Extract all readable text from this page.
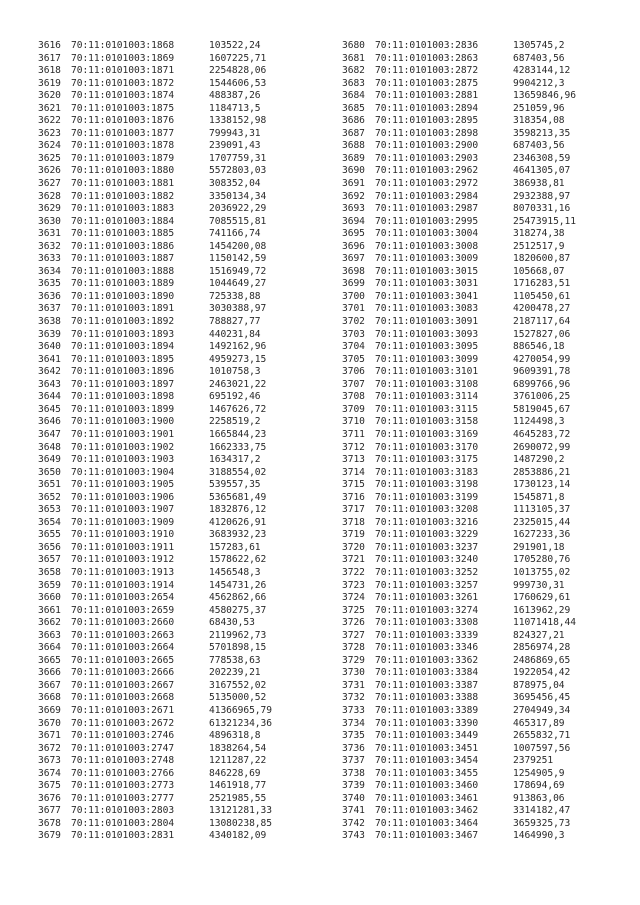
3616 70:11:0101003:1868	103522,24
3617 70:11:0101003:1869	1607225,71
3618 70:11:0101003:1871	2254828,06
3619 70:11:0101003:1872	1544606,53
3620 70:11:0101003:1874	488387,26
3621 70:11:0101003:1875	1184713,5
3622 70:11:0101003:1876	1338152,98
3623 70:11:0101003:1877	799943,31
3624 70:11:0101003:1878	239091,43
3625 70:11:0101003:1879	1707759,31
3626 70:11:0101003:1880	5572803,03
3627 70:11:0101003:1881	308352,04
3628 70:11:0101003:1882	3350134,34
3629 70:11:0101003:1883	2036922,29
3630 70:11:0101003:1884	7085515,81
3631 70:11:0101003:1885	741166,74
3632 70:11:0101003:1886	1454200,08
3633 70:11:0101003:1887	1150142,59
3634 70:11:0101003:1888	1516949,72
3635 70:11:0101003:1889	1044649,27
3636 70:11:0101003:1890	725338,88
3637 70:11:0101003:1891	3030388,97
3638 70:11:0101003:1892	788827,77
3639 70:11:0101003:1893	440231,84
3640 70:11:0101003:1894	1492162,96
3641 70:11:0101003:1895	4959273,15
3642 70:11:0101003:1896	1010758,3
3643 70:11:0101003:1897	2463021,22
3644 70:11:0101003:1898	695192,46
3645 70:11:0101003:1899	1467626,72
3646 70:11:0101003:1900	2258519,2
3647 70:11:0101003:1901	1665844,23
3648 70:11:0101003:1902	1662333,75
3649 70:11:0101003:1903	1634317,2
3650 70:11:0101003:1904	3188554,02
3651 70:11:0101003:1905	539557,35
3652 70:11:0101003:1906	5365681,49
3653 70:11:0101003:1907	1832876,12
3654 70:11:0101003:1909	4120626,91
3655 70:11:0101003:1910	3683932,23
3656 70:11:0101003:1911	157283,61
3657 70:11:0101003:1912	1578622,62
3658 70:11:0101003:1913	1456548,3
3659 70:11:0101003:1914	1454731,26
3660 70:11:0101003:2654	4562862,66
3661 70:11:0101003:2659	4580275,37
3662 70:11:0101003:2660	68430,53
3663 70:11:0101003:2663	2119962,73
3664 70:11:0101003:2664	5701898,15
3665 70:11:0101003:2665	778538,63
3666 70:11:0101003:2666	202239,21
3667 70:11:0101003:2667	3167552,02
3668 70:11:0101003:2668	5135000,52
3669 70:11:0101003:2671	41366965,79
3670 70:11:0101003:2672	61321234,36
3671 70:11:0101003:2746	4896318,8
3672 70:11:0101003:2747	1838264,54
3673 70:11:0101003:2748	1211287,22
3674 70:11:0101003:2766	846228,69
3675 70:11:0101003:2773	1461918,77
3676 70:11:0101003:2777	2521985,55
3677 70:11:0101003:2803	13121281,33
3678 70:11:0101003:2804	13080238,85
3679 70:11:0101003:2831	4340182,09
3680 70:11:0101003:2836	1305745,2
3681 70:11:0101003:2863	687403,56
3682 70:11:0101003:2872	4283144,12
3683 70:11:0101003:2875	9904212,3
3684 70:11:0101003:2881	13659846,96
3685 70:11:0101003:2894	251059,96
3686 70:11:0101003:2895	318354,08
3687 70:11:0101003:2898	3598213,35
3688 70:11:0101003:2900	687403,56
3689 70:11:0101003:2903	2346308,59
3690 70:11:0101003:2962	4641305,07
3691 70:11:0101003:2972	386938,81
3692 70:11:0101003:2984	2932388,97
3693 70:11:0101003:2987	8070331,16
3694 70:11:0101003:2995	25473915,11
3695 70:11:0101003:3004	318274,38
3696 70:11:0101003:3008	2512517,9
3697 70:11:0101003:3009	1820600,87
3698 70:11:0101003:3015	105668,07
3699 70:11:0101003:3031	1716283,51
3700 70:11:0101003:3041	1105450,61
3701 70:11:0101003:3083	4200478,27
3702 70:11:0101003:3091	2187117,64
3703 70:11:0101003:3093	1527827,06
3704 70:11:0101003:3095	886546,18
3705 70:11:0101003:3099	4270054,99
3706 70:11:0101003:3101	9609391,78
3707 70:11:0101003:3108	6899766,96
3708 70:11:0101003:3114	3761006,25
3709 70:11:0101003:3115	5819045,67
3710 70:11:0101003:3158	1124498,3
3711 70:11:0101003:3169	4645283,72
3712 70:11:0101003:3170	2690072,99
3713 70:11:0101003:3175	1487290,2
3714 70:11:0101003:3183	2853886,21
3715 70:11:0101003:3198	1730123,14
3716 70:11:0101003:3199	1545871,8
3717 70:11:0101003:3208	1113105,37
3718 70:11:0101003:3216	2325015,44
3719 70:11:0101003:3229	1627233,36
3720 70:11:0101003:3237	291901,18
3721 70:11:0101003:3240	1705280,76
3722 70:11:0101003:3252	1013755,02
3723 70:11:0101003:3257	999730,31
3724 70:11:0101003:3261	1760629,61
3725 70:11:0101003:3274	1613962,29
3726 70:11:0101003:3308	11071418,44
3727 70:11:0101003:3339	824327,21
3728 70:11:0101003:3346	2856974,28
3729 70:11:0101003:3362	2486869,65
3730 70:11:0101003:3384	1922054,42
3731 70:11:0101003:3387	878975,04
3732 70:11:0101003:3388	3695456,45
3733 70:11:0101003:3389	2704949,34
3734 70:11:0101003:3390	465317,89
3735 70:11:0101003:3449	2655832,71
3736 70:11:0101003:3451	1007597,56
3737 70:11:0101003:3454	2379251
3738 70:11:0101003:3455	1254905,9
3739 70:11:0101003:3460	178694,69
3740 70:11:0101003:3461	913863,06
3741 70:11:0101003:3462	3314182,47
3742 70:11:0101003:3464	3659325,73
3743 70:11:0101003:3467	1464990,3
